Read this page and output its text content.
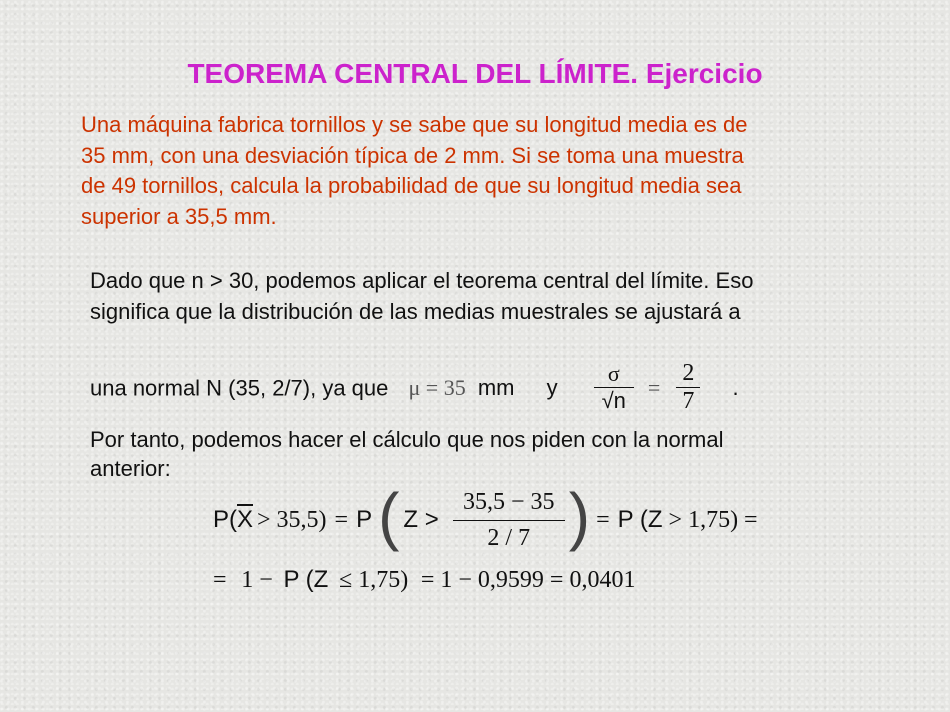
TEOREMA CENTRAL DEL LÍMITE. Ejercicio
Una máquina fabrica tornillos y se sabe que su longitud media es de
35 mm, con una desviación típica de 2 mm. Si se toma una muestra
de 49 tornillos, calcula la probabilidad de que su longitud media sea
superior a 35,5 mm.
Dado que n > 30, podemos aplicar el teorema central del límite. Eso
significa que la distribución de las medias muestrales se ajustará a
una normal N (35, 2/7), ya que μ = 35 mm y $\frac{\sigma}{√n} = \frac{2}{7}$ .
Por tanto, podemos hacer el cálculo que nos piden con la normal
anterior:
P( $\overline{X} > 35,5) = P$ ( $Z > \frac{35,5 - 35}{2 / 7}$ ) = P (Z > 1,75) =
= 1 − P (Z ≤ 1,75) = 1 − 0,9599 = 0,0401
